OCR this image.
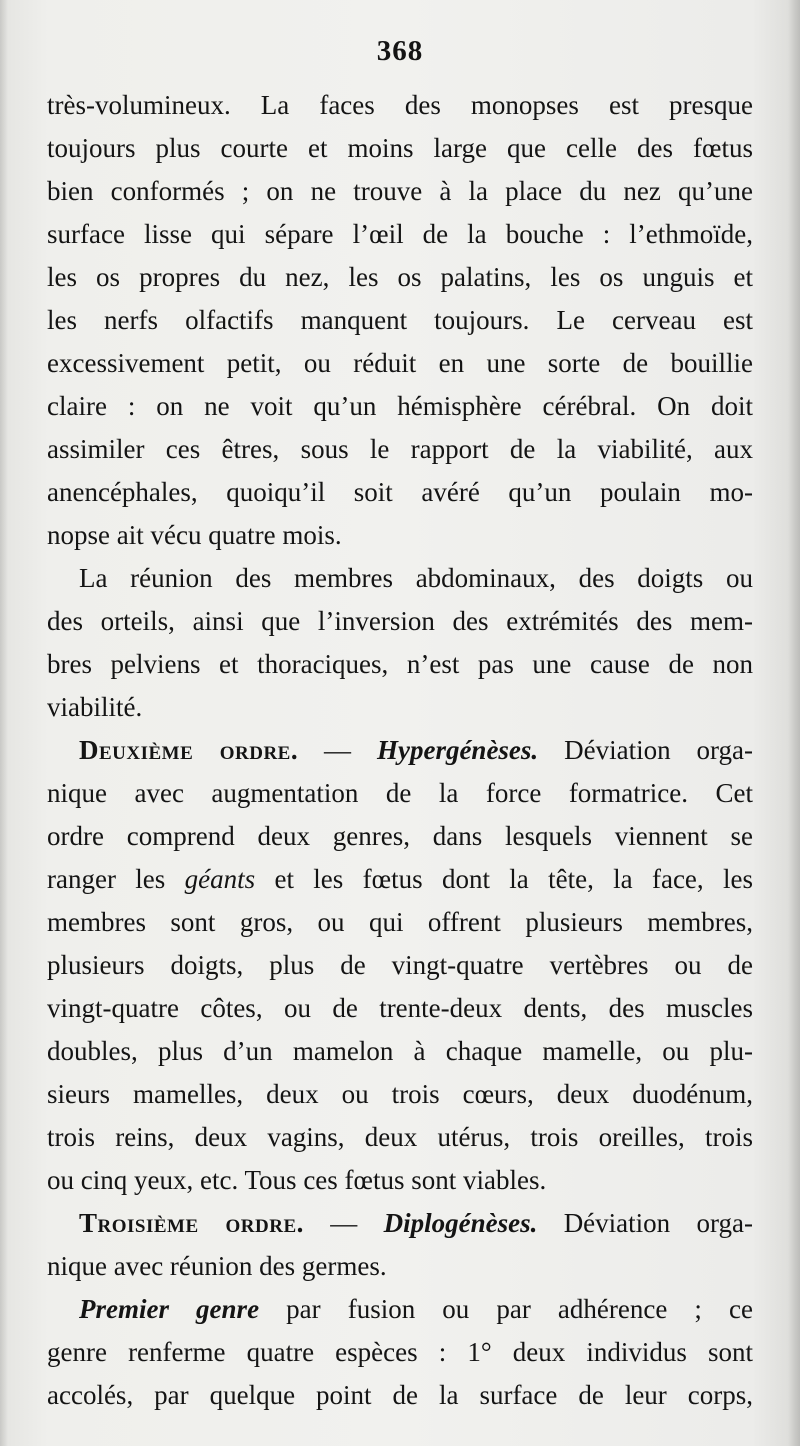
368
très-volumineux. La faces des monopses est presque
toujours plus courte et moins large que celle des fœtus
bien conformés ; on ne trouve à la place du nez qu’une
surface lisse qui sépare l’œil de la bouche : l’ethmoïde,
les os propres du nez, les os palatins, les os unguis et
les nerfs olfactifs manquent toujours. Le cerveau est
excessivement petit, ou réduit en une sorte de bouillie
claire : on ne voit qu’un hémisphère cérébral. On doit
assimiler ces êtres, sous le rapport de la viabilité, aux
anencéphales, quoiqu’il soit avéré qu’un poulain mo-
nopse ait vécu quatre mois.
La réunion des membres abdominaux, des doigts ou
des orteils, ainsi que l’inversion des extrémités des mem-
bres pelviens et thoraciques, n’est pas une cause de non
viabilité.
Deuxième ordre. — Hypergénèses. Déviation orga-
nique avec augmentation de la force formatrice. Cet
ordre comprend deux genres, dans lesquels viennent se
ranger les géants et les fœtus dont la tête, la face, les
membres sont gros, ou qui offrent plusieurs membres,
plusieurs doigts, plus de vingt-quatre vertèbres ou de
vingt-quatre côtes, ou de trente-deux dents, des muscles
doubles, plus d’un mamelon à chaque mamelle, ou plu-
sieurs mamelles, deux ou trois cœurs, deux duodénum,
trois reins, deux vagins, deux utérus, trois oreilles, trois
ou cinq yeux, etc. Tous ces fœtus sont viables.
Troisième ordre. — Diplogénèses. Déviation orga-
nique avec réunion des germes.
Premier genre par fusion ou par adhérence ; ce
genre renferme quatre espèces : 1° deux individus sont
accolés, par quelque point de la surface de leur corps,
